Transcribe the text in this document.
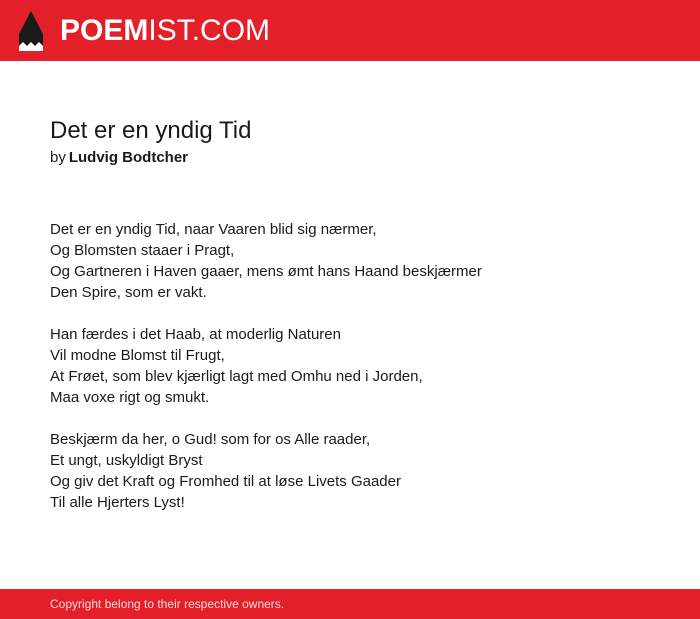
POEMIST.COM
Det er en yndig Tid
by Ludvig Bodtcher
Det er en yndig Tid, naar Vaaren blid sig nærmer,
Og Blomsten staaer i Pragt,
Og Gartneren i Haven gaaer, mens ømt hans Haand beskjærmer
Den Spire, som er vakt.
Han færdes i det Haab, at moderlig Naturen
Vil modne Blomst til Frugt,
At Frøet, som blev kjærligt lagt med Omhu ned i Jorden,
Maa voxe rigt og smukt.
Beskjærm da her, o Gud! som for os Alle raader,
Et ungt, uskyldigt Bryst
Og giv det Kraft og Fromhed til at løse Livets Gaader
Til alle Hjerters Lyst!
Copyright belong to their respective owners.
